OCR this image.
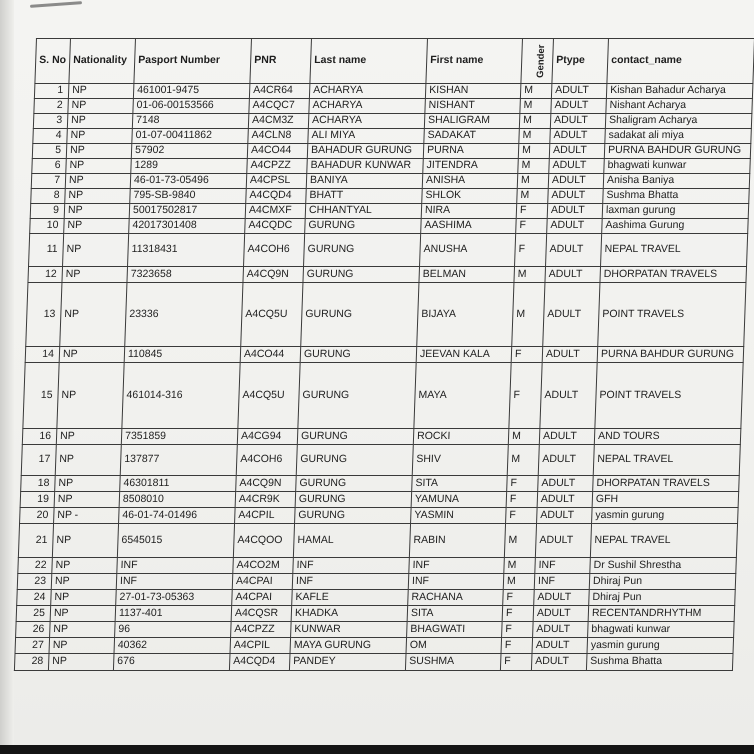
S. No	Nationality	Pasport Number	PNR	Last name	First name	Gender	Ptype	contact_name
1	NP	461001-9475	A4CR64	ACHARYA	KISHAN	M	ADULT	Kishan Bahadur Acharya
2	NP	01-06-00153566	A4CQC7	ACHARYA	NISHANT	M	ADULT	Nishant Acharya
3	NP	7148	A4CM3Z	ACHARYA	SHALIGRAM	M	ADULT	Shaligram Acharya
4	NP	01-07-00411862	A4CLN8	ALI MIYA	SADAKAT	M	ADULT	sadakat ali miya
5	NP	57902	A4CO44	BAHADUR GURUNG	PURNA	M	ADULT	PURNA BAHDUR GURUNG
6	NP	1289	A4CPZZ	BAHADUR KUNWAR	JITENDRA	M	ADULT	bhagwati kunwar
7	NP	46-01-73-05496	A4CPSL	BANIYA	ANISHA	M	ADULT	Anisha Baniya
8	NP	795-SB-9840	A4CQD4	BHATT	SHLOK	M	ADULT	Sushma Bhatta
9	NP	50017502817	A4CMXF	CHHANTYAL	NIRA	F	ADULT	laxman gurung
10	NP	42017301408	A4CQDC	GURUNG	AASHIMA	F	ADULT	Aashima Gurung
11	NP	11318431	A4COH6	GURUNG	ANUSHA	F	ADULT	NEPAL TRAVEL
12	NP	7323658	A4CQ9N	GURUNG	BELMAN	M	ADULT	DHORPATAN TRAVELS
13	NP	23336	A4CQ5U	GURUNG	BIJAYA	M	ADULT	POINT TRAVELS
14	NP	110845	A4CO44	GURUNG	JEEVAN KALA	F	ADULT	PURNA BAHDUR GURUNG
15	NP	461014-316	A4CQ5U	GURUNG	MAYA	F	ADULT	POINT TRAVELS
16	NP	7351859	A4CG94	GURUNG	ROCKI	M	ADULT	AND TOURS
17	NP	137877	A4COH6	GURUNG	SHIV	M	ADULT	NEPAL TRAVEL
18	NP	46301811	A4CQ9N	GURUNG	SITA	F	ADULT	DHORPATAN TRAVELS
19	NP	8508010	A4CR9K	GURUNG	YAMUNA	F	ADULT	GFH
20	NP -	46-01-74-01496	A4CPIL	GURUNG	YASMIN	F	ADULT	yasmin gurung
21	NP	6545015	A4CQOO	HAMAL	RABIN	M	ADULT	NEPAL TRAVEL
22	NP	INF	A4CO2M	INF	INF	M	INF	Dr Sushil Shrestha
23	NP	INF	A4CPAI	INF	INF	M	INF	Dhiraj Pun
24	NP	27-01-73-05363	A4CPAI	KAFLE	RACHANA	F	ADULT	Dhiraj Pun
25	NP	1137-401	A4CQSR	KHADKA	SITA	F	ADULT	RECENTANDRHYTHM
26	NP	96	A4CPZZ	KUNWAR	BHAGWATI	F	ADULT	bhagwati kunwar
27	NP	40362	A4CPIL	MAYA GURUNG	OM	F	ADULT	yasmin gurung
28	NP	676	A4CQD4	PANDEY	SUSHMA	F	ADULT	Sushma Bhatta
